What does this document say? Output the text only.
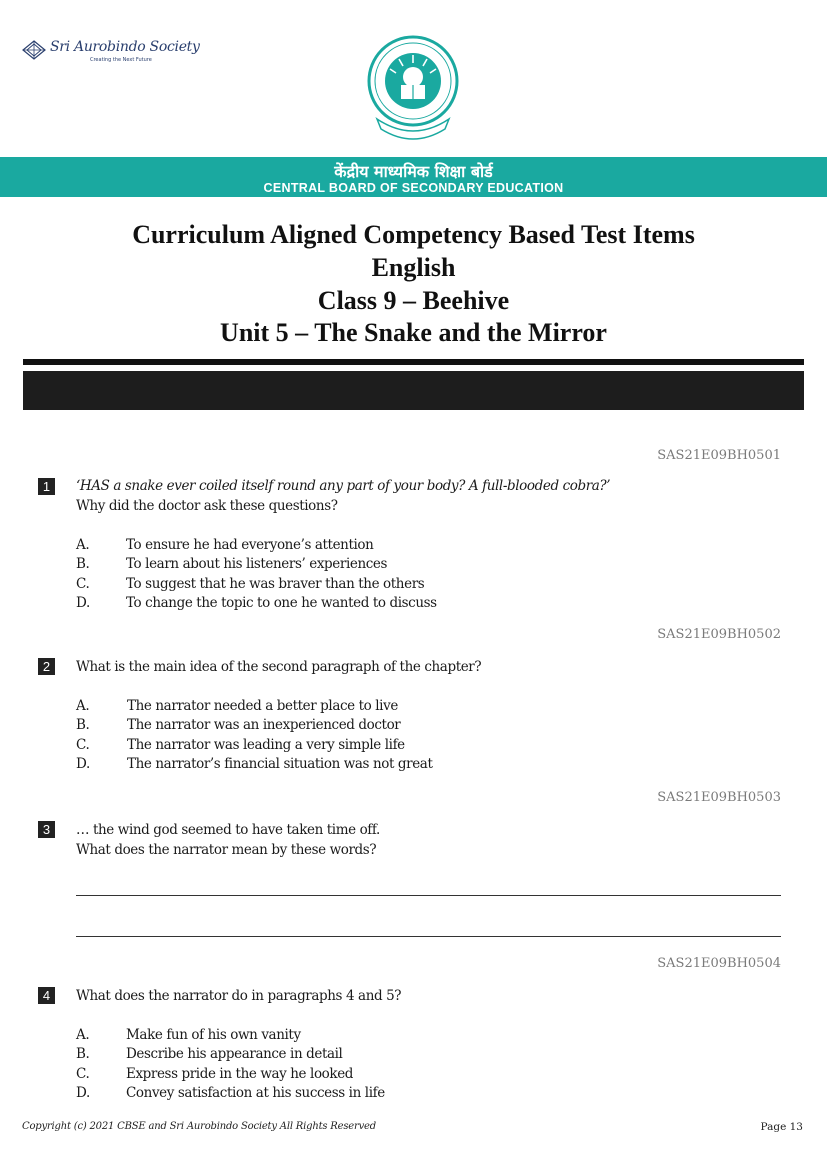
Sri Aurobindo Society
Creating the Next Future
केंद्रीय माध्यमिक शिक्षा बोर्ड
CENTRAL BOARD OF SECONDARY EDUCATION
Curriculum Aligned Competency Based Test Items
English
Class 9 – Beehive
Unit 5 – The Snake and the Mirror
SAS21E09BH0501
1	‘HAS a snake ever coiled itself round any part of your body? A full-blooded cobra?’
Why did the doctor ask these questions?
A.	To ensure he had everyone’s attention
B.	To learn about his listeners’ experiences
C.	To suggest that he was braver than the others
D.	To change the topic to one he wanted to discuss
SAS21E09BH0502
2	What is the main idea of the second paragraph of the chapter?
A.	The narrator needed a better place to live
B.	The narrator was an inexperienced doctor
C.	The narrator was leading a very simple life
D.	The narrator’s financial situation was not great
SAS21E09BH0503
3	… the wind god seemed to have taken time off.
What does the narrator mean by these words?
SAS21E09BH0504
4	What does the narrator do in paragraphs 4 and 5?
A.	Make fun of his own vanity
B.	Describe his appearance in detail
C.	Express pride in the way he looked
D.	Convey satisfaction at his success in life
Copyright (c) 2021 CBSE and Sri Aurobindo Society All Rights Reserved	Page 13
